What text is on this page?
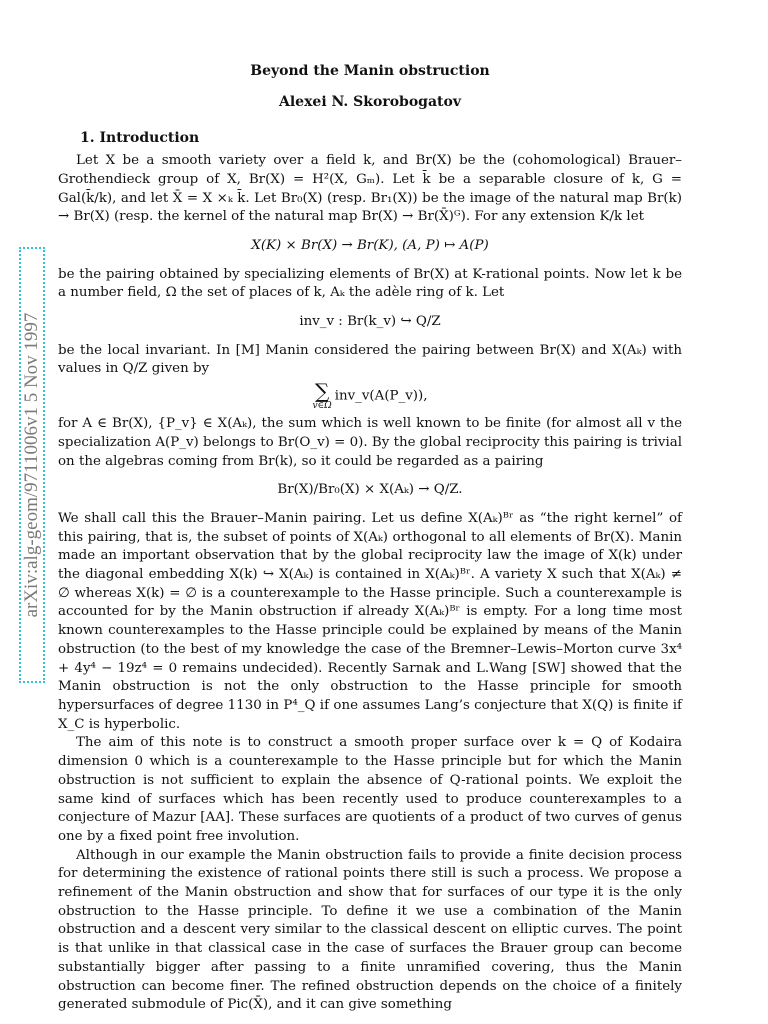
arXiv:alg-geom/9711006v1 5 Nov 1997
Beyond the Manin obstruction
Alexei N. Skorobogatov
1. Introduction

Let X be a smooth variety over a field k, and Br(X) be the (cohomological) Brauer–Grothendieck group of X, Br(X) = H²(X, Gₘ). Let k̄ be a separable closure of k, G = Gal(k̄/k), and let X̄ = X ×ₖ k̄. Let Br₀(X) (resp. Br₁(X)) be the image of the natural map Br(k) → Br(X) (resp. the kernel of the natural map Br(X) → Br(X̄)ᴳ). For any extension K/k let

X(K) × Br(X) → Br(K), (A, P) ↦ A(P)

be the pairing obtained by specializing elements of Br(X) at K-rational points. Now let k be a number field, Ω the set of places of k, Aₖ the adèle ring of k. Let

inv_v : Br(k_v) ↪ Q/Z

be the local invariant. In [M] Manin considered the pairing between Br(X) and X(Aₖ) with values in Q/Z given by

∑
v∈Ω
inv_v(A(P_v)),

for A ∈ Br(X), {P_v} ∈ X(Aₖ), the sum which is well known to be finite (for almost all v the specialization A(P_v) belongs to Br(O_v) = 0). By the global reciprocity this pairing is trivial on the algebras coming from Br(k), so it could be regarded as a pairing

Br(X)/Br₀(X) × X(Aₖ) → Q/Z.

We shall call this the Brauer–Manin pairing. Let us define X(Aₖ)ᴮʳ as “the right kernel” of this pairing, that is, the subset of points of X(Aₖ) orthogonal to all elements of Br(X). Manin made an important observation that by the global reciprocity law the image of X(k) under the diagonal embedding X(k) ↪ X(Aₖ) is contained in X(Aₖ)ᴮʳ. A variety X such that X(Aₖ) ≠ ∅ whereas X(k) = ∅ is a counterexample to the Hasse principle. Such a counterexample is accounted for by the Manin obstruction if already X(Aₖ)ᴮʳ is empty. For a long time most known counterexamples to the Hasse principle could be explained by means of the Manin obstruction (to the best of my knowledge the case of the Bremner–Lewis–Morton curve 3x⁴ + 4y⁴ − 19z⁴ = 0 remains undecided). Recently Sarnak and L.Wang [SW] showed that the Manin obstruction is not the only obstruction to the Hasse principle for smooth hypersurfaces of degree 1130 in P⁴_Q if one assumes Lang’s conjecture that X(Q) is finite if X_C is hyperbolic.

The aim of this note is to construct a smooth proper surface over k = Q of Kodaira dimension 0 which is a counterexample to the Hasse principle but for which the Manin obstruction is not sufficient to explain the absence of Q-rational points. We exploit the same kind of surfaces which has been recently used to produce counterexamples to a conjecture of Mazur [AA]. These surfaces are quotients of a product of two curves of genus one by a fixed point free involution.

Although in our example the Manin obstruction fails to provide a finite decision process for determining the existence of rational points there still is such a process. We propose a refinement of the Manin obstruction and show that for surfaces of our type it is the only obstruction to the Hasse principle. To define it we use a combination of the Manin obstruction and a descent very similar to the classical descent on elliptic curves. The point is that unlike in that classical case in the case of surfaces the Brauer group can become substantially bigger after passing to a finite unramified covering, thus the Manin obstruction can become finer. The refined obstruction depends on the choice of a finitely generated submodule of Pic(X̄), and it can give something
